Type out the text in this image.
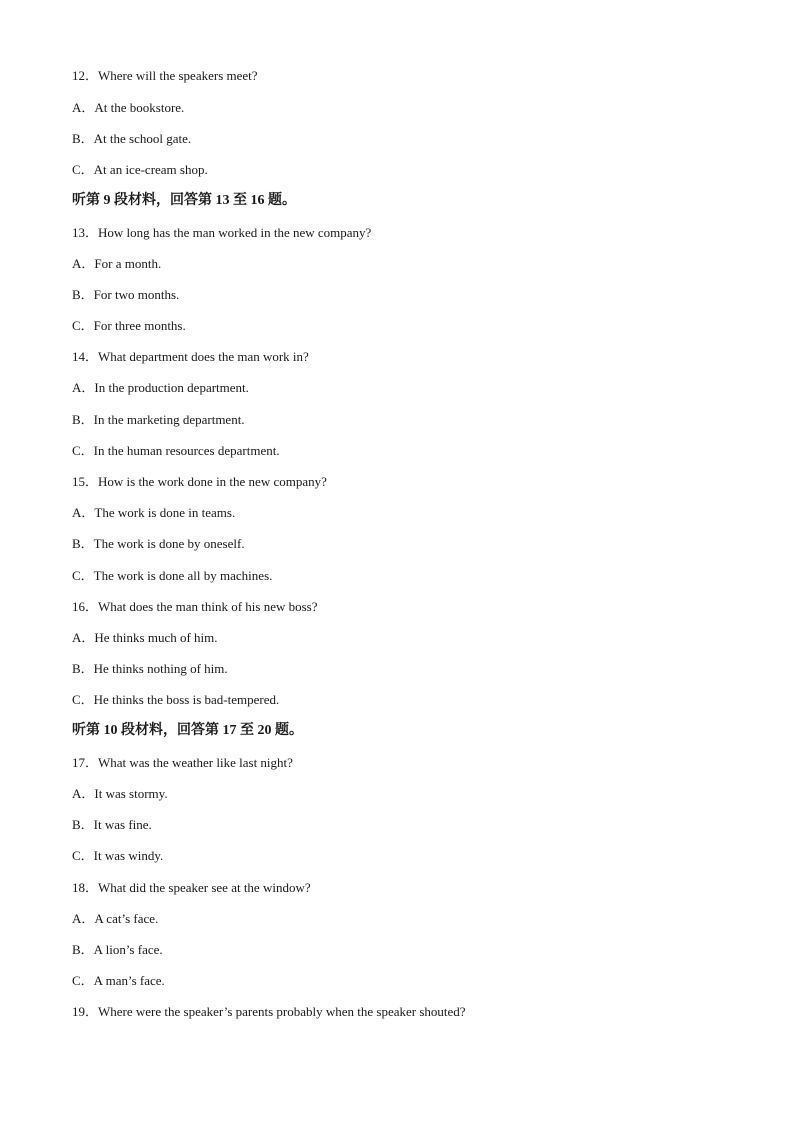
12．Where will the speakers meet?
A．At the bookstore.
B．At the school gate.
C．At an ice-cream shop.
听第 9 段材料，回答第 13 至 16 题。
13．How long has the man worked in the new company?
A．For a month.
B．For two months.
C．For three months.
14．What department does the man work in?
A．In the production department.
B．In the marketing department.
C．In the human resources department.
15．How is the work done in the new company?
A．The work is done in teams.
B．The work is done by oneself.
C．The work is done all by machines.
16．What does the man think of his new boss?
A．He thinks much of him.
B．He thinks nothing of him.
C．He thinks the boss is bad-tempered.
听第 10 段材料，回答第 17 至 20 题。
17．What was the weather like last night?
A．It was stormy.
B．It was fine.
C．It was windy.
18．What did the speaker see at the window?
A．A cat’s face.
B．A lion’s face.
C．A man’s face.
19．Where were the speaker’s parents probably when the speaker shouted?
